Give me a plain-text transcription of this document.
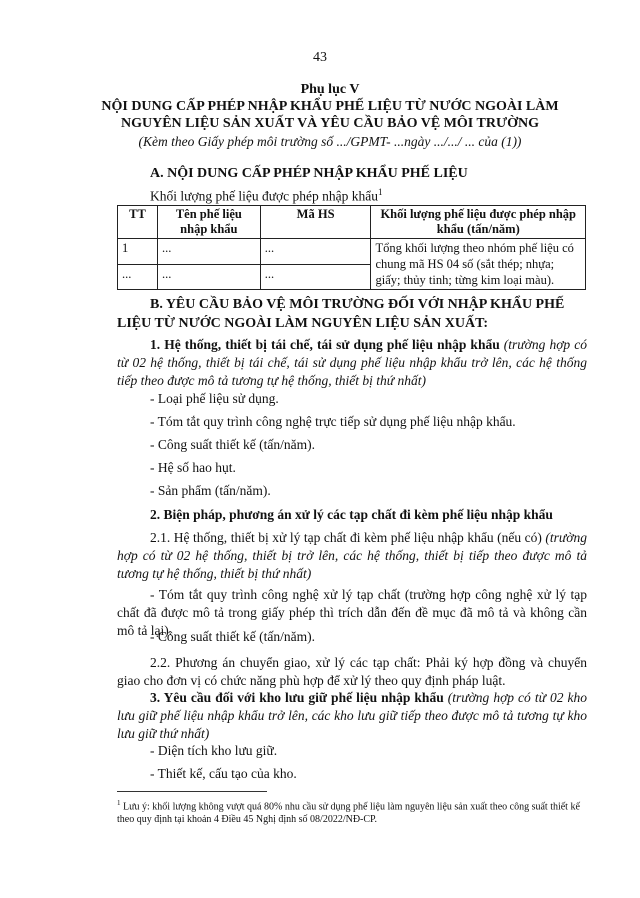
43
Phụ lục V
NỘI DUNG CẤP PHÉP NHẬP KHẨU PHẾ LIỆU TỪ NƯỚC NGOÀI LÀM
NGUYÊN LIỆU SẢN XUẤT VÀ YÊU CẦU BẢO VỆ MÔI TRƯỜNG
(Kèm theo Giấy phép môi trường số .../GPMT- ...ngày .../.../ ... của (1))
A. NỘI DUNG CẤP PHÉP NHẬP KHẨU PHẾ LIỆU
Khối lượng phế liệu được phép nhập khẩu$^1$
TT	Tên phế liệu nhập khẩu	Mã HS	Khối lượng phế liệu được phép nhập khẩu (tấn/năm)
1	...	...	Tổng khối lượng theo nhóm phế liệu có chung mã HS 04 số (sắt thép; nhựa; giấy; thủy tinh; từng kim loại màu).
...	...	...	
B. YÊU CẦU BẢO VỆ MÔI TRƯỜNG ĐỐI VỚI NHẬP KHẨU PHẾ LIỆU TỪ NƯỚC NGOÀI LÀM NGUYÊN LIỆU SẢN XUẤT:
1. Hệ thống, thiết bị tái chế, tái sử dụng phế liệu nhập khẩu (trường hợp có từ 02 hệ thống, thiết bị tái chế, tái sử dụng phế liệu nhập khẩu trở lên, các hệ thống tiếp theo được mô tả tương tự hệ thống, thiết bị thứ nhất)
- Loại phế liệu sử dụng.
- Tóm tắt quy trình công nghệ trực tiếp sử dụng phế liệu nhập khẩu.
- Công suất thiết kế (tấn/năm).
- Hệ số hao hụt.
- Sản phẩm (tấn/năm).
2. Biện pháp, phương án xử lý các tạp chất đi kèm phế liệu nhập khẩu
2.1. Hệ thống, thiết bị xử lý tạp chất đi kèm phế liệu nhập khẩu (nếu có) (trường hợp có từ 02 hệ thống, thiết bị trở lên, các hệ thống, thiết bị tiếp theo được mô tả tương tự hệ thống, thiết bị thứ nhất)
- Tóm tắt quy trình công nghệ xử lý tạp chất (trường hợp công nghệ xử lý tạp chất đã được mô tả trong giấy phép thì trích dẫn đến đề mục đã mô tả và không cần mô tả lại).
- Công suất thiết kế (tấn/năm).
2.2. Phương án chuyển giao, xử lý các tạp chất: Phải ký hợp đồng và chuyển giao cho đơn vị có chức năng phù hợp để xử lý theo quy định pháp luật.
3. Yêu cầu đối với kho lưu giữ phế liệu nhập khẩu (trường hợp có từ 02 kho lưu giữ phế liệu nhập khẩu trở lên, các kho lưu giữ tiếp theo được mô tả tương tự kho lưu giữ thứ nhất)
- Diện tích kho lưu giữ.
- Thiết kế, cấu tạo của kho.
$^1$ Lưu ý: khối lượng không vượt quá 80% nhu cầu sử dụng phế liệu làm nguyên liệu sản xuất theo công suất thiết kế theo quy định tại khoản 4 Điều 45 Nghị định số 08/2022/NĐ-CP.
